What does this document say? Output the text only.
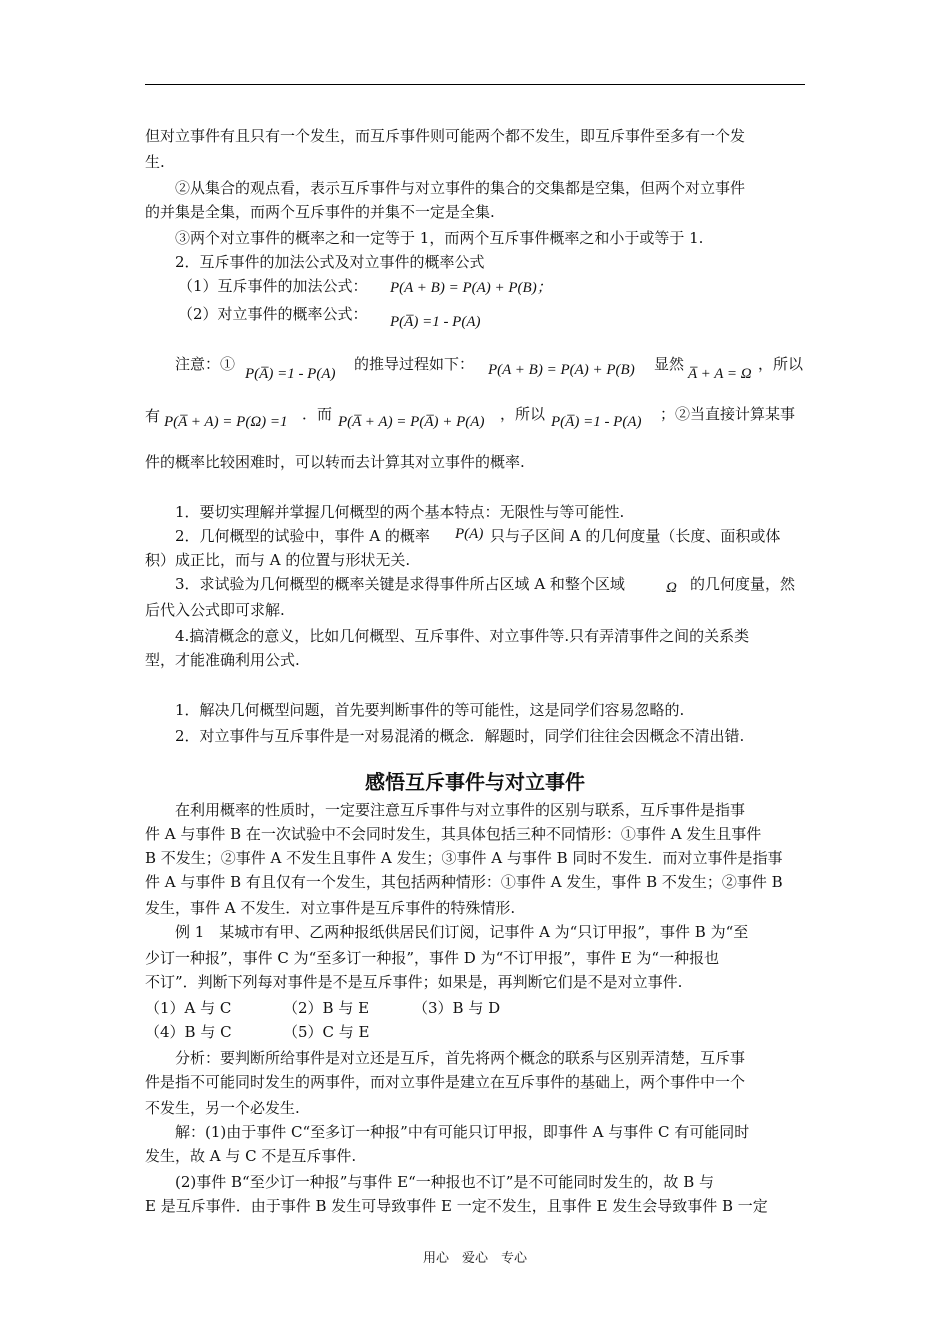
但对立事件有且只有一个发生，而互斥事件则可能两个都不发生，即互斥事件至多有一个发
生.
②从集合的观点看，表示互斥事件与对立事件的集合的交集都是空集，但两个对立事件
的并集是全集，而两个互斥事件的并集不一定是全集.
③两个对立事件的概率之和一定等于 1，而两个互斥事件概率之和小于或等于 1.
2．互斥事件的加法公式及对立事件的概率公式
（1）互斥事件的加法公式：	P(A + B) = P(A) + P(B)；
（2）对立事件的概率公式：	P(A̅) =1 - P(A)
注意：①
P(A̅) =1 - P(A)
的推导过程如下： P(A + B) = P(A) + P(B) 显然
A̅ + A = Ω
，所以
有 P(A̅ + A) = P(Ω) =1 ．而 P(A̅ + A) = P(A̅) + P(A) ，所以 P(A̅) =1 - P(A) ；②当直接计算某事
件的概率比较困难时，可以转而去计算其对立事件的概率.
1．要切实理解并掌握几何概型的两个基本特点：无限性与等可能性.
2．几何概型的试验中，事件 A 的概率	P(A) 只与子区间 A 的几何度量（长度、面积或体
积）成正比，而与 A 的位置与形状无关.
3．求试验为几何概型的概率关键是求得事件所占区域 A 和整个区域	Ω 的几何度量，然
后代入公式即可求解.
4.搞清概念的意义，比如几何概型、互斥事件、对立事件等.只有弄清事件之间的关系类
型，才能准确利用公式.
1．解决几何概型问题，首先要判断事件的等可能性，这是同学们容易忽略的.
2．对立事件与互斥事件是一对易混淆的概念．解题时，同学们往往会因概念不清出错.
感悟互斥事件与对立事件
在利用概率的性质时，一定要注意互斥事件与对立事件的区别与联系，互斥事件是指事
件 A 与事件 B 在一次试验中不会同时发生，其具体包括三种不同情形：①事件 A 发生且事件
B 不发生；②事件 A 不发生且事件 A 发生；③事件 A 与事件 B 同时不发生．而对立事件是指事
件 A 与事件 B 有且仅有一个发生，其包括两种情形：①事件 A 发生，事件 B 不发生；②事件 B
发生，事件 A 不发生．对立事件是互斥事件的特殊情形.
例 1　某城市有甲、乙两种报纸供居民们订阅，记事件 A 为“只订甲报”，事件 B 为“至
少订一种报”，事件 C 为“至多订一种报”，事件 D 为“不订甲报”，事件 E 为“一种报也
不订”．判断下列每对事件是不是互斥事件；如果是，再判断它们是不是对立事件.
（1）A 与 C	（2）B 与 E	（3）B 与 D
（4）B 与 C	（5）C 与 E
分析：要判断所给事件是对立还是互斥，首先将两个概念的联系与区别弄清楚，互斥事
件是指不可能同时发生的两事件，而对立事件是建立在互斥事件的基础上，两个事件中一个
不发生，另一个必发生.
解：(1)由于事件 C“至多订一种报”中有可能只订甲报，即事件 A 与事件 C 有可能同时
发生，故 A 与 C 不是互斥事件.
(2)事件 B“至少订一种报”与事件 E“一种报也不订”是不可能同时发生的，故 B 与
E 是互斥事件．由于事件 B 发生可导致事件 E 一定不发生，且事件 E 发生会导致事件 B 一定
用心　爱心　专心
